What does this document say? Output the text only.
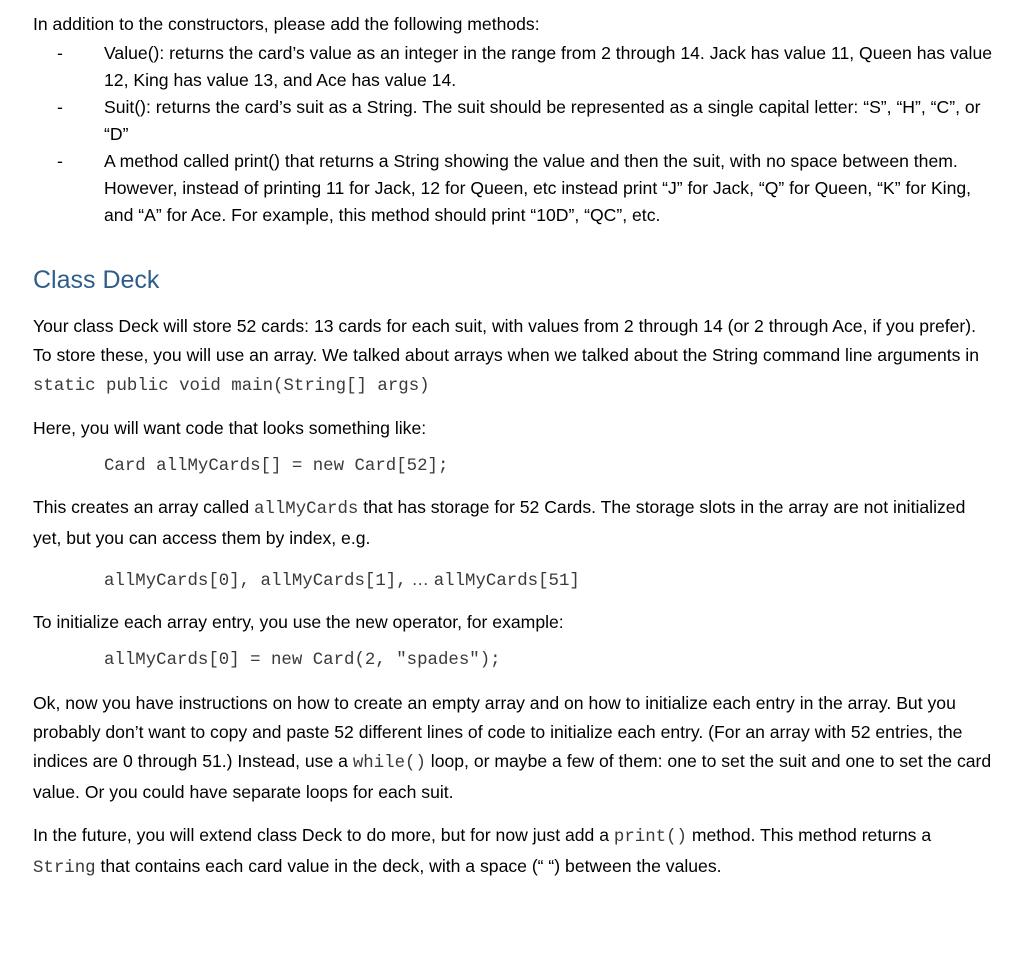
In addition to the constructors, please add the following methods:

- Value(): returns the card’s value as an integer in the range from 2 through 14. Jack has value 11, Queen has value 12, King has value 13, and Ace has value 14.
- Suit(): returns the card’s suit as a String. The suit should be represented as a single capital letter: “S”, “H”, “C”, or “D”
- A method called print() that returns a String showing the value and then the suit, with no space between them. However, instead of printing 11 for Jack, 12 for Queen, etc instead print “J” for Jack, “Q” for Queen, “K” for King, and “A” for Ace. For example, this method should print “10D”, “QC”, etc.
Class Deck

Your class Deck will store 52 cards: 13 cards for each suit, with values from 2 through 14 (or 2 through Ace, if you prefer). To store these, you will use an array. We talked about arrays when we talked about the String command line arguments in static public void main(String[] args)

Here, you will want code that looks something like:

Card allMyCards[] = new Card[52];

This creates an array called allMyCards that has storage for 52 Cards. The storage slots in the array are not initialized yet, but you can access them by index, e.g.

allMyCards[0], allMyCards[1], … allMyCards[51]

To initialize each array entry, you use the new operator, for example:

allMyCards[0] = new Card(2, "spades");

Ok, now you have instructions on how to create an empty array and on how to initialize each entry in the array. But you probably don’t want to copy and paste 52 different lines of code to initialize each entry. (For an array with 52 entries, the indices are 0 through 51.) Instead, use a while() loop, or maybe a few of them: one to set the suit and one to set the card value. Or you could have separate loops for each suit.

In the future, you will extend class Deck to do more, but for now just add a print() method. This method returns a String that contains each card value in the deck, with a space (“ “) between the values.
